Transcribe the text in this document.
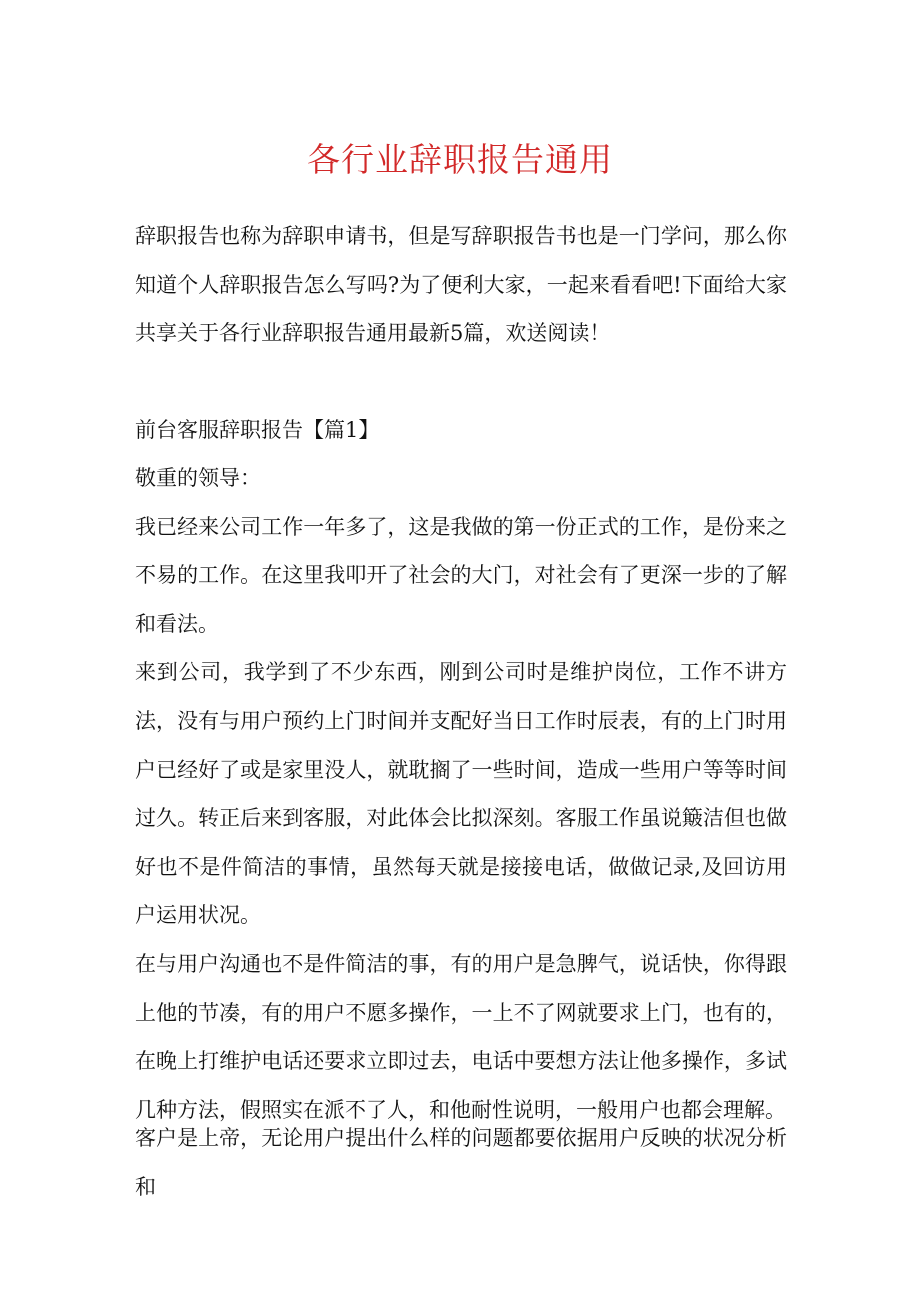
各行业辞职报告通用

辞职报告也称为辞职申请书，但是写辞职报告书也是一门学问，那么你知道个人辞职报告怎么写吗?为了便利大家，一起来看看吧!下面给大家共享关于各行业辞职报告通用最新5篇，欢送阅读！

前台客服辞职报告【篇1】

敬重的领导：

我已经来公司工作一年多了，这是我做的第一份正式的工作，是份来之不易的工作。在这里我叩开了社会的大门，对社会有了更深一步的了解和看法。

来到公司，我学到了不少东西，刚到公司时是维护岗位，工作不讲方法，没有与用户预约上门时间并支配好当日工作时辰表，有的上门时用户已经好了或是家里没人，就耽搁了一些时间，造成一些用户等等时间过久。转正后来到客服，对此体会比拟深刻。客服工作虽说簸洁但也做好也不是件简洁的事情，虽然每天就是接接电话，做做记录,及回访用户运用状况。

在与用户沟通也不是件简洁的事，有的用户是急脾气，说话快，你得跟上他的节凑，有的用户不愿多操作，一上不了网就要求上门，也有的，在晚上打维护电话还要求立即过去，电话中要想方法让他多操作，多试几种方法，假照实在派不了人，和他耐性说明，一般用户也都会理解。

客户是上帝，无论用户提出什么样的问题都要依据用户反映的状况分析和
